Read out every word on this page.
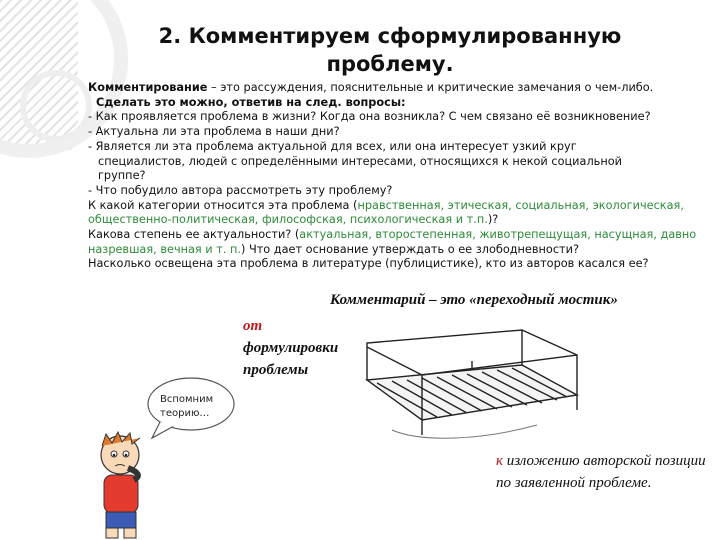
2. Комментируем сформулированную проблему.
Комментирование – это рассуждения, пояснительные и критические замечания о чем-либо.
Сделать это можно, ответив на след. вопросы:
- Как проявляется проблема в жизни? Когда она возникла? С чем связано её возникновение?
- Актуальна ли эта проблема в наши дни?
- Является ли эта проблема актуальной для всех, или она интересует узкий круг
специалистов, людей с определёнными интересами, относящихся к некой социальной
группе?
- Что побудило автора рассмотреть эту проблему?
К какой категории относится эта проблема (нравственная, этическая, социальная, экологическая,
общественно-политическая, философская, психологическая и т.п.)?
Какова степень ее актуальности? (актуальная, второстепенная, животрепещущая, насущная, давно
назревшая, вечная и т. п.) Что дает основание утверждать о ее злободневности?
Насколько освещена эта проблема в литературе (публицистике), кто из авторов касался ее?
Комментарий – это «переходный мостик»
от
формулировки проблемы
к изложению авторской позиции по заявленной проблеме.
Вспомним теорию…
